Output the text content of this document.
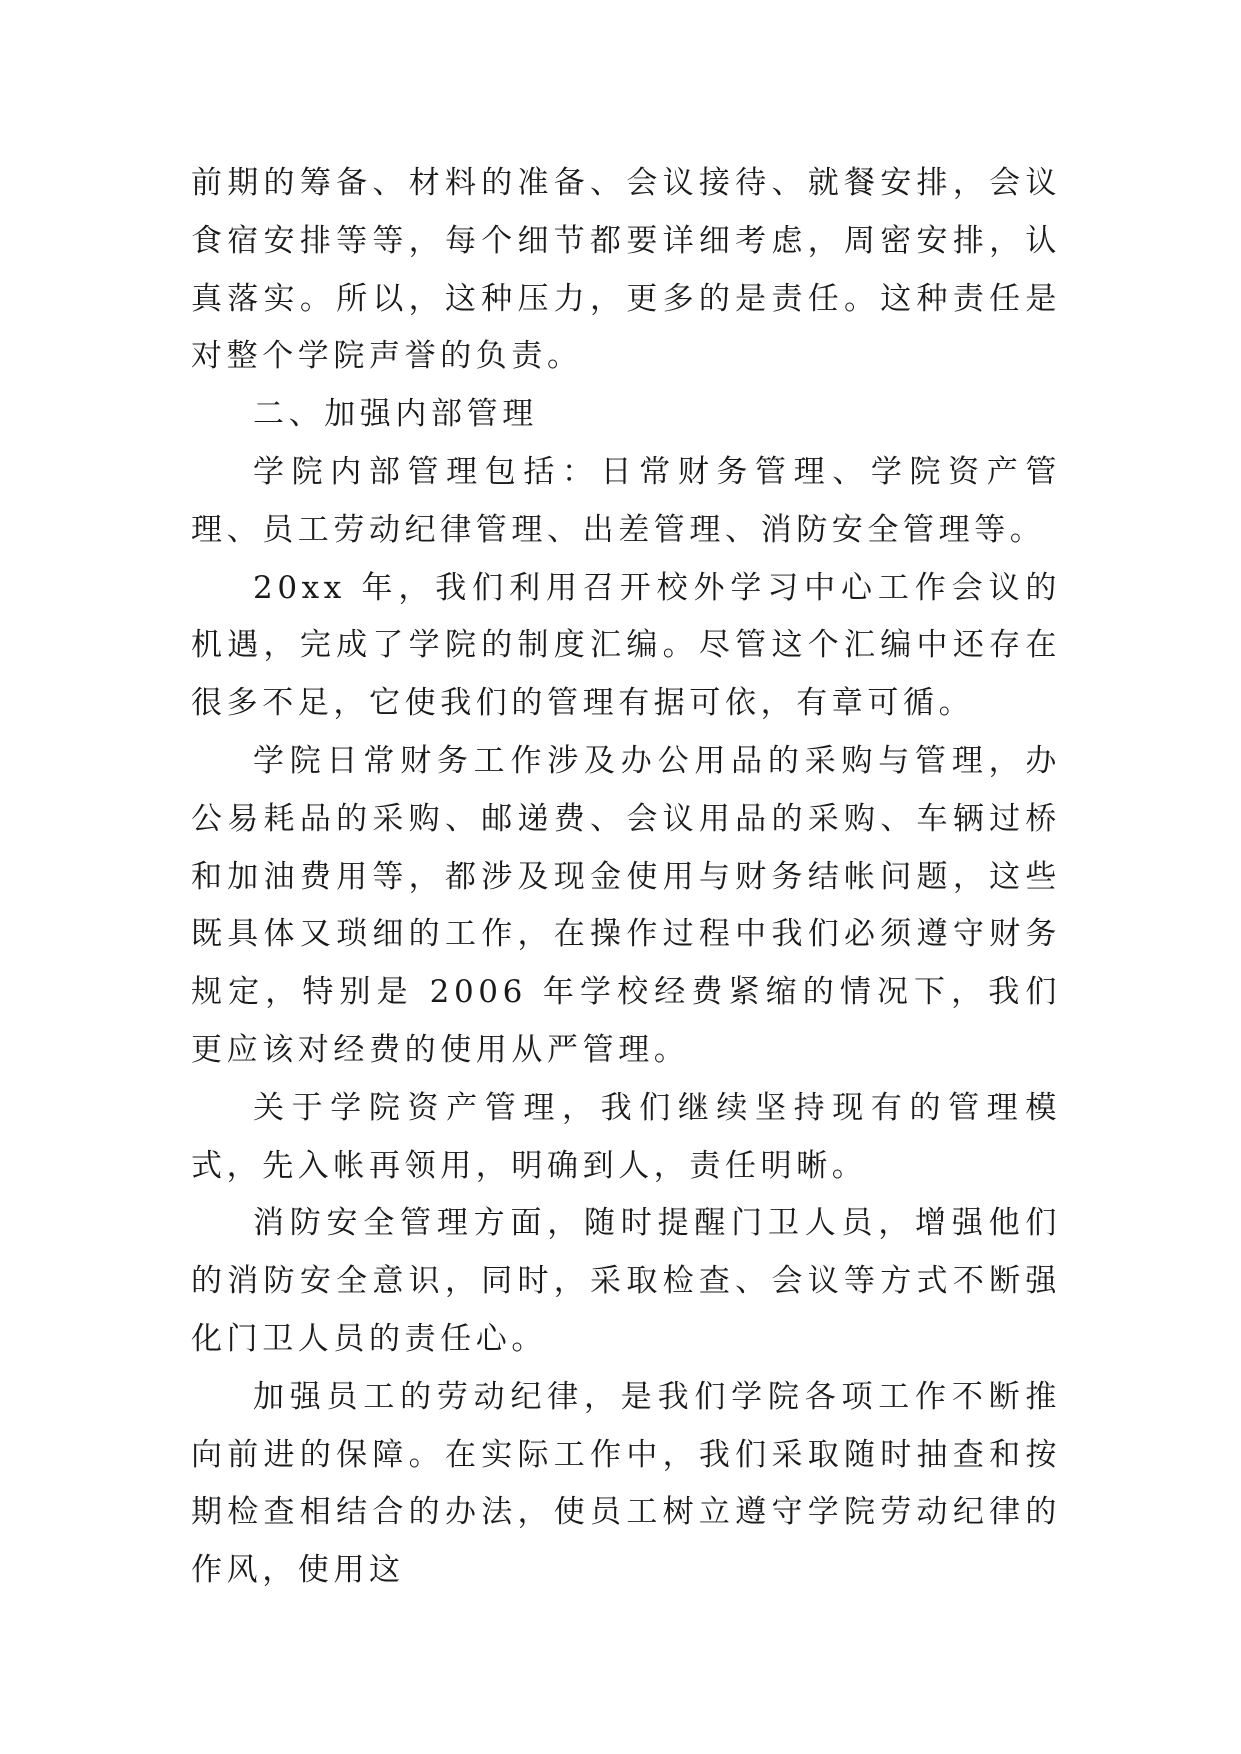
前期的筹备、材料的准备、会议接待、就餐安排，会议食宿安排等等，每个细节都要详细考虑，周密安排，认真落实。所以，这种压力，更多的是责任。这种责任是对整个学院声誉的负责。

二、加强内部管理

学院内部管理包括：日常财务管理、学院资产管理、员工劳动纪律管理、出差管理、消防安全管理等。

20xx 年，我们利用召开校外学习中心工作会议的机遇，完成了学院的制度汇编。尽管这个汇编中还存在很多不足，它使我们的管理有据可依，有章可循。

学院日常财务工作涉及办公用品的采购与管理，办公易耗品的采购、邮递费、会议用品的采购、车辆过桥和加油费用等，都涉及现金使用与财务结帐问题，这些既具体又琐细的工作，在操作过程中我们必须遵守财务规定，特别是 2006 年学校经费紧缩的情况下，我们更应该对经费的使用从严管理。

关于学院资产管理，我们继续坚持现有的管理模式，先入帐再领用，明确到人，责任明晰。

消防安全管理方面，随时提醒门卫人员，增强他们的消防安全意识，同时，采取检查、会议等方式不断强化门卫人员的责任心。

加强员工的劳动纪律，是我们学院各项工作不断推向前进的保障。在实际工作中，我们采取随时抽查和按期检查相结合的办法，使员工树立遵守学院劳动纪律的作风，使用这
